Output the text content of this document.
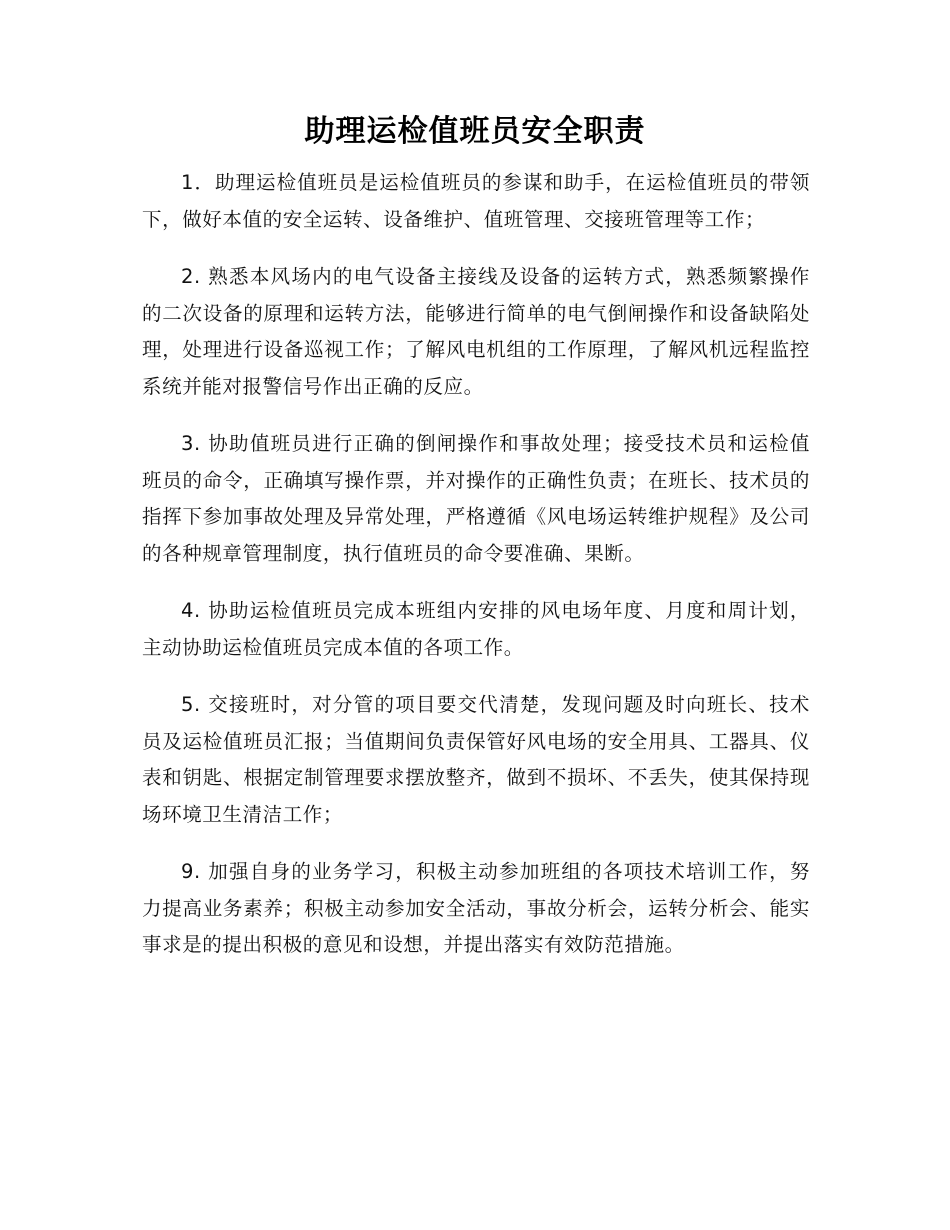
助理运检值班员安全职责

1．助理运检值班员是运检值班员的参谋和助手，在运检值班员的带领下，做好本值的安全运转、设备维护、值班管理、交接班管理等工作；

2. 熟悉本风场内的电气设备主接线及设备的运转方式，熟悉频繁操作的二次设备的原理和运转方法，能够进行简单的电气倒闸操作和设备缺陷处理，处理进行设备巡视工作；了解风电机组的工作原理，了解风机远程监控系统并能对报警信号作出正确的反应。

3. 协助值班员进行正确的倒闸操作和事故处理；接受技术员和运检值班员的命令，正确填写操作票，并对操作的正确性负责；在班长、技术员的指挥下参加事故处理及异常处理，严格遵循《风电场运转维护规程》及公司的各种规章管理制度，执行值班员的命令要准确、果断。

4. 协助运检值班员完成本班组内安排的风电场年度、月度和周计划，主动协助运检值班员完成本值的各项工作。

5. 交接班时，对分管的项目要交代清楚，发现问题及时向班长、技术员及运检值班员汇报；当值期间负责保管好风电场的安全用具、工器具、仪表和钥匙、根据定制管理要求摆放整齐，做到不损坏、不丢失，使其保持现场环境卫生清洁工作；

9. 加强自身的业务学习，积极主动参加班组的各项技术培训工作，努力提高业务素养；积极主动参加安全活动，事故分析会，运转分析会、能实事求是的提出积极的意见和设想，并提出落实有效防范措施。
